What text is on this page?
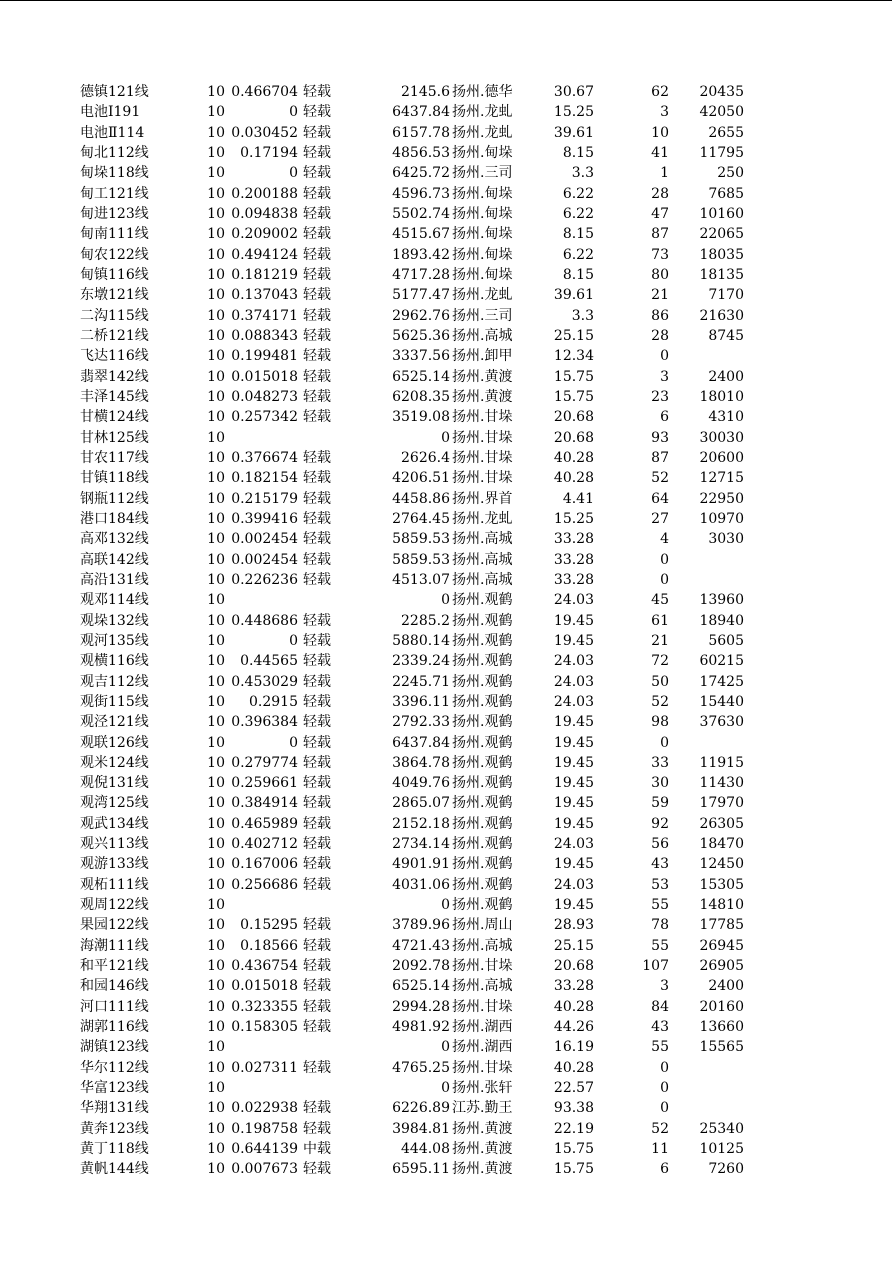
德镇121线	10 0.466704 轻载	2145.6 扬州.德华	30.67	62	20435
电池Ⅰ191	10	0 轻载	6437.84 扬州.龙虬	15.25	3	42050
电池Ⅱ114	10 0.030452 轻载	6157.78 扬州.龙虬	39.61	10	2655
甸北112线	10	0.17194 轻载	4856.53 扬州.甸垛	8.15	41	11795
甸垛118线	10	0 轻载	6425.72 扬州.三司	3.3	1	250
甸工121线	10 0.200188 轻载	4596.73 扬州.甸垛	6.22	28	7685
甸进123线	10 0.094838 轻载	5502.74 扬州.甸垛	6.22	47	10160
甸南111线	10 0.209002 轻载	4515.67 扬州.甸垛	8.15	87	22065
甸农122线	10 0.494124 轻载	1893.42 扬州.甸垛	6.22	73	18035
甸镇116线	10 0.181219 轻载	4717.28 扬州.甸垛	8.15	80	18135
东墩121线	10 0.137043 轻载	5177.47 扬州.龙虬	39.61	21	7170
二沟115线	10 0.374171 轻载	2962.76 扬州.三司	3.3	86	21630
二桥121线	10 0.088343 轻载	5625.36 扬州.高城	25.15	28	8745
飞达116线	10 0.199481 轻载	3337.56 扬州.卸甲	12.34	0
翡翠142线	10 0.015018 轻载	6525.14 扬州.黄渡	15.75	3	2400
丰泽145线	10 0.048273 轻载	6208.35 扬州.黄渡	15.75	23	18010
甘横124线	10 0.257342 轻载	3519.08 扬州.甘垛	20.68	6	4310
甘林125线	10	0 扬州.甘垛	20.68	93	30030
甘农117线	10 0.376674 轻载	2626.4 扬州.甘垛	40.28	87	20600
甘镇118线	10 0.182154 轻载	4206.51 扬州.甘垛	40.28	52	12715
钢瓶112线	10 0.215179 轻载	4458.86 扬州.界首	4.41	64	22950
港口184线	10 0.399416 轻载	2764.45 扬州.龙虬	15.25	27	10970
高邓132线	10 0.002454 轻载	5859.53 扬州.高城	33.28	4	3030
高联142线	10 0.002454 轻载	5859.53 扬州.高城	33.28	0
高沿131线	10 0.226236 轻载	4513.07 扬州.高城	33.28	0
观邓114线	10	0 扬州.观鹤	24.03	45	13960
观垛132线	10 0.448686 轻载	2285.2 扬州.观鹤	19.45	61	18940
观河135线	10	0 轻载	5880.14 扬州.观鹤	19.45	21	5605
观横116线	10	0.44565 轻载	2339.24 扬州.观鹤	24.03	72	60215
观吉112线	10 0.453029 轻载	2245.71 扬州.观鹤	24.03	50	17425
观街115线	10	0.2915 轻载	3396.11 扬州.观鹤	24.03	52	15440
观泾121线	10 0.396384 轻载	2792.33 扬州.观鹤	19.45	98	37630
观联126线	10	0 轻载	6437.84 扬州.观鹤	19.45	0
观米124线	10 0.279774 轻载	3864.78 扬州.观鹤	19.45	33	11915
观倪131线	10 0.259661 轻载	4049.76 扬州.观鹤	19.45	30	11430
观湾125线	10 0.384914 轻载	2865.07 扬州.观鹤	19.45	59	17970
观武134线	10 0.465989 轻载	2152.18 扬州.观鹤	19.45	92	26305
观兴113线	10 0.402712 轻载	2734.14 扬州.观鹤	24.03	56	18470
观游133线	10 0.167006 轻载	4901.91 扬州.观鹤	19.45	43	12450
观柘111线	10 0.256686 轻载	4031.06 扬州.观鹤	24.03	53	15305
观周122线	10	0 扬州.观鹤	19.45	55	14810
果园122线	10	0.15295 轻载	3789.96 扬州.周山	28.93	78	17785
海潮111线	10	0.18566 轻载	4721.43 扬州.高城	25.15	55	26945
和平121线	10 0.436754 轻载	2092.78 扬州.甘垛	20.68	107	26905
和园146线	10 0.015018 轻载	6525.14 扬州.高城	33.28	3	2400
河口111线	10 0.323355 轻载	2994.28 扬州.甘垛	40.28	84	20160
湖郭116线	10 0.158305 轻载	4981.92 扬州.湖西	44.26	43	13660
湖镇123线	10	0 扬州.湖西	16.19	55	15565
华尔112线	10 0.027311 轻载	4765.25 扬州.甘垛	40.28	0
华富123线	10	0 扬州.张轩	22.57	0
华翔131线	10 0.022938 轻载	6226.89 江苏.勤王	93.38	0
黄奔123线	10 0.198758 轻载	3984.81 扬州.黄渡	22.19	52	25340
黄丁118线	10 0.644139 中载	444.08 扬州.黄渡	15.75	11	10125
黄帆144线	10 0.007673 轻载	6595.11 扬州.黄渡	15.75	6	7260
